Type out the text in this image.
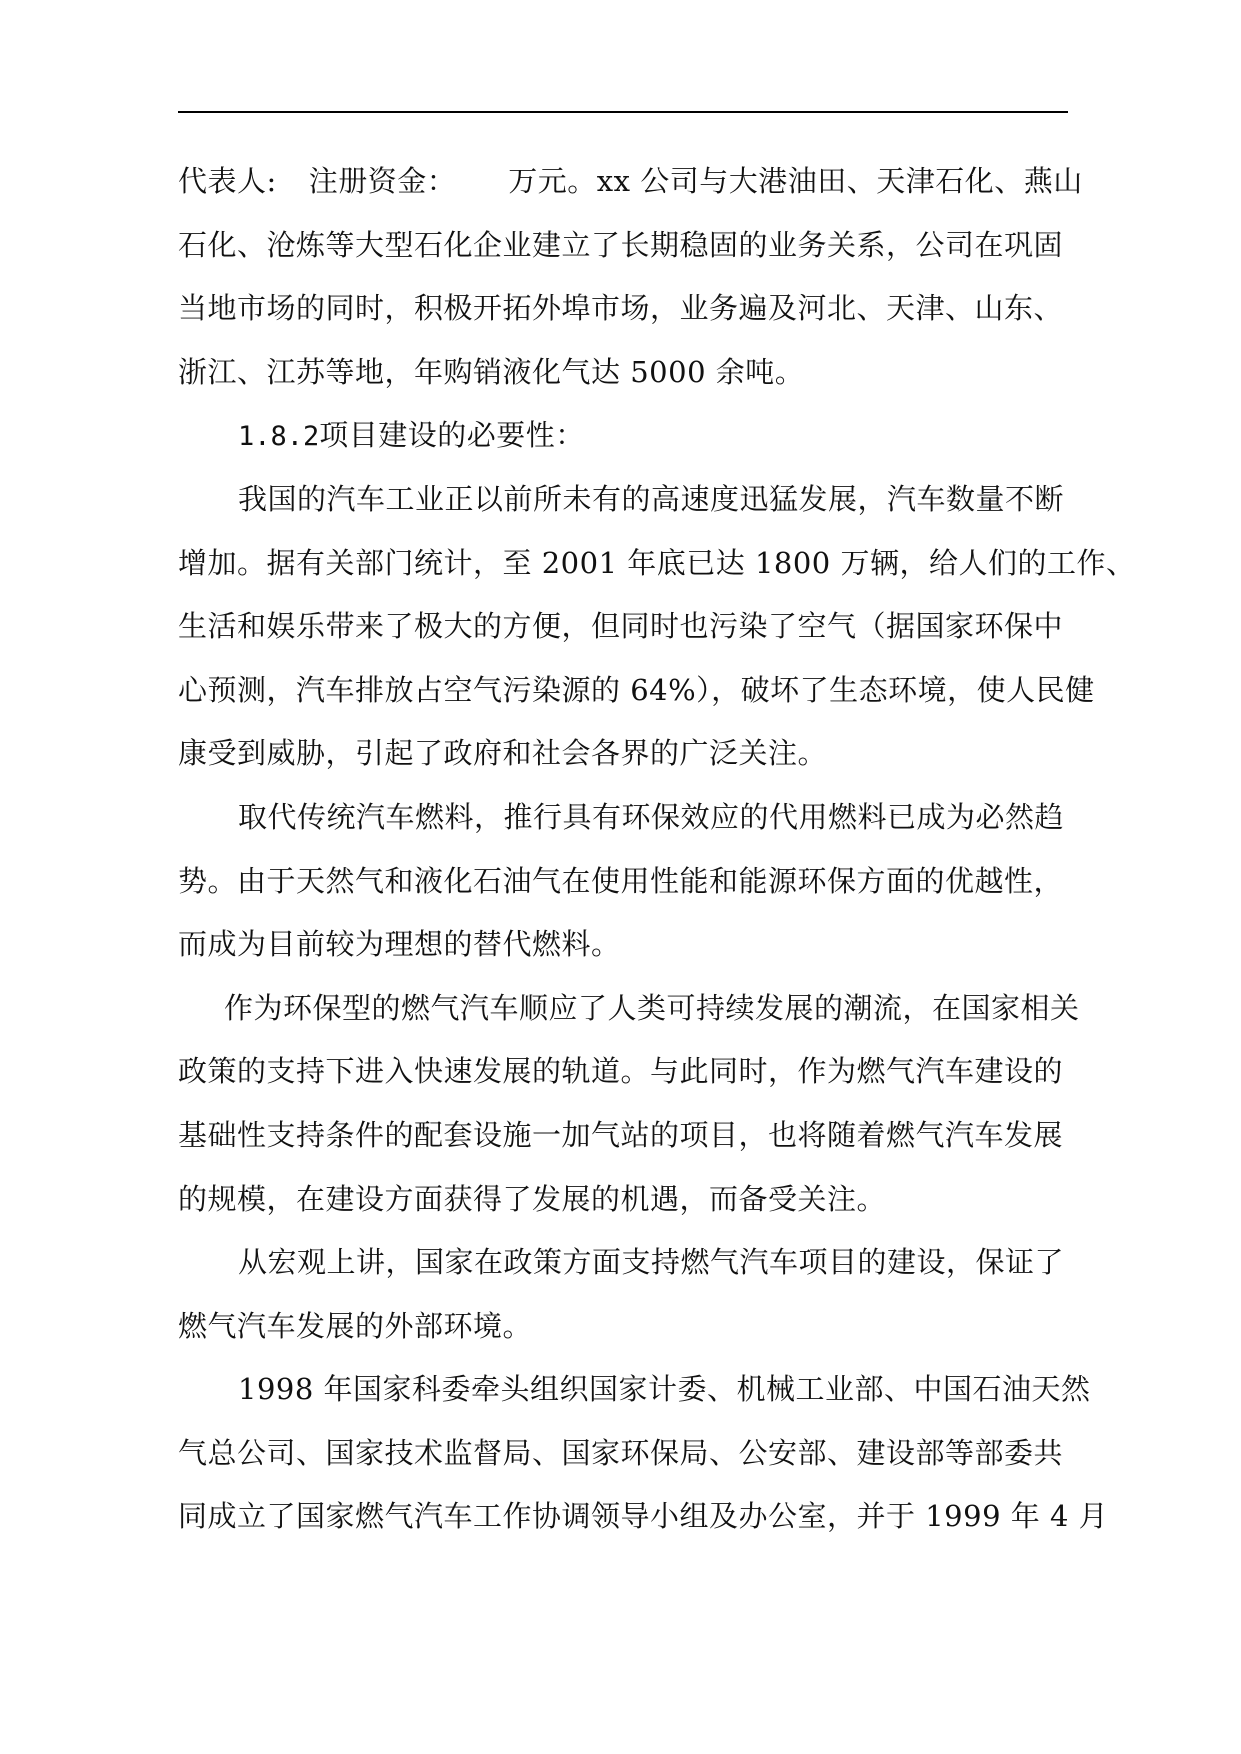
代表人: 注册资金： 万元。xx 公司与大港油田、天津石化、燕山
石化、沧炼等大型石化企业建立了长期稳固的业务关系，公司在巩固
当地市场的同时，积极开拓外埠市场，业务遍及河北、天津、山东、
浙江、江苏等地，年购销液化气达 5000 余吨。
1.8.2项目建设的必要性：
我国的汽车工业正以前所未有的高速度迅猛发展，汽车数量不断
增加。据有关部门统计，至 2001 年底已达 1800 万辆，给人们的工作、
生活和娱乐带来了极大的方便，但同时也污染了空气（据国家环保中
心预测，汽车排放占空气污染源的 64%），破坏了生态环境，使人民健
康受到威胁，引起了政府和社会各界的广泛关注。
取代传统汽车燃料，推行具有环保效应的代用燃料已成为必然趋
势。由于天然气和液化石油气在使用性能和能源环保方面的优越性，
而成为目前较为理想的替代燃料。
作为环保型的燃气汽车顺应了人类可持续发展的潮流，在国家相关
政策的支持下进入快速发展的轨道。与此同时，作为燃气汽车建设的
基础性支持条件的配套设施一加气站的项目，也将随着燃气汽车发展
的规模，在建设方面获得了发展的机遇，而备受关注。
从宏观上讲，国家在政策方面支持燃气汽车项目的建设，保证了
燃气汽车发展的外部环境。
1998 年国家科委牵头组织国家计委、机械工业部、中国石油天然
气总公司、国家技术监督局、国家环保局、公安部、建设部等部委共
同成立了国家燃气汽车工作协调领导小组及办公室，并于 1999 年 4 月
